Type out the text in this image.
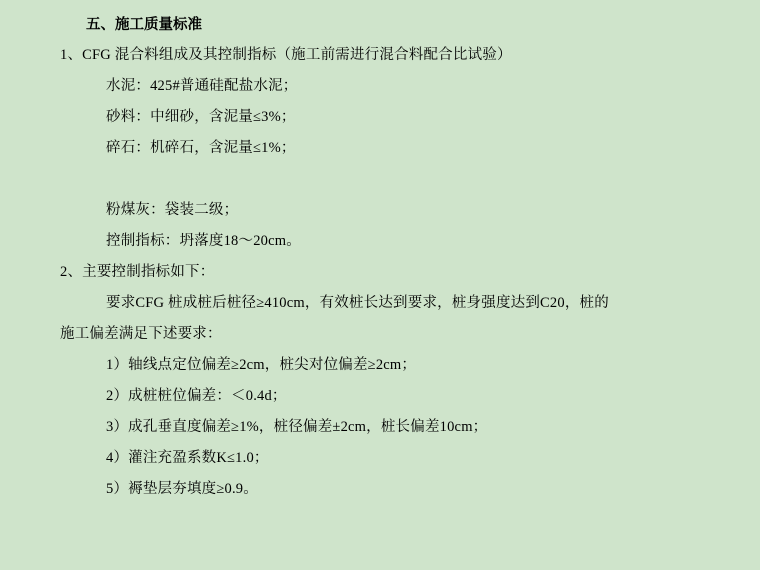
五、施工质量标准
1、CFG 混合料组成及其控制指标（施工前需进行混合料配合比试验）
水泥：425#普通硅配盐水泥；
砂料：中细砂，含泥量≤3%；
碎石：机碎石，含泥量≤1%；
粉煤灰：袋装二级；
控制指标：坍落度18～20cm。
2、主要控制指标如下：
要求CFG 桩成桩后桩径≥410cm，有效桩长达到要求，桩身强度达到C20，桩的
施工偏差满足下述要求：
1）轴线点定位偏差≥2cm，桩尖对位偏差≥2cm；
2）成桩桩位偏差：＜0.4d；
3）成孔垂直度偏差≥1%，桩径偏差±2cm，桩长偏差10cm；
4）灌注充盈系数K≤1.0；
5）褥垫层夯填度≥0.9。
